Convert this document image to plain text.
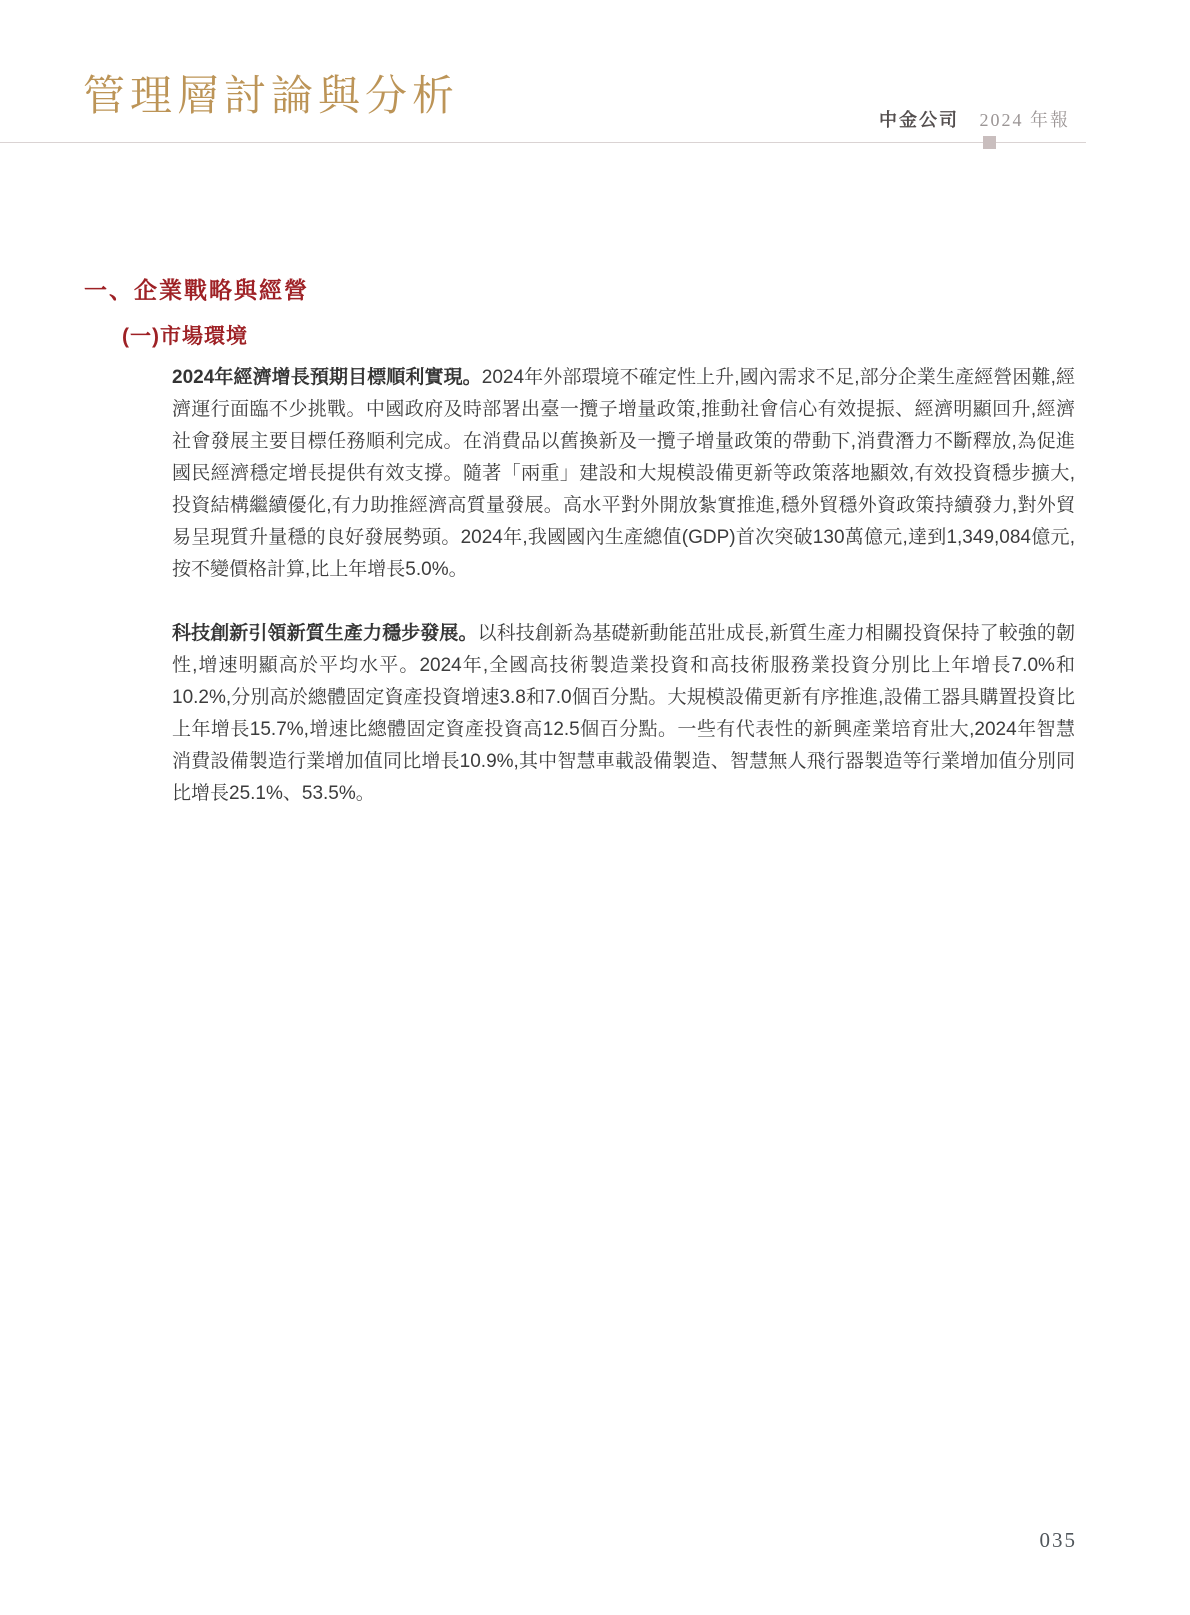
管理層討論與分析	中金公司 2024 年報
一、企業戰略與經營
(一)市場環境

2024年經濟增長預期目標順利實現。2024年外部環境不確定性上升,國內需求不足,部分企業生產經營困難,經濟運行面臨不少挑戰。中國政府及時部署出臺一攬子增量政策,推動社會信心有效提振、經濟明顯回升,經濟社會發展主要目標任務順利完成。在消費品以舊換新及一攬子增量政策的帶動下,消費潛力不斷釋放,為促進國民經濟穩定增長提供有效支撐。隨著「兩重」建設和大規模設備更新等政策落地顯效,有效投資穩步擴大,投資結構繼續優化,有力助推經濟高質量發展。高水平對外開放紮實推進,穩外貿穩外資政策持續發力,對外貿易呈現質升量穩的良好發展勢頭。2024年,我國國內生產總值(GDP)首次突破130萬億元,達到1,349,084億元,按不變價格計算,比上年增長5.0%。

科技創新引領新質生產力穩步發展。以科技創新為基礎新動能茁壯成長,新質生產力相關投資保持了較強的韌性,增速明顯高於平均水平。2024年,全國高技術製造業投資和高技術服務業投資分別比上年增長7.0%和10.2%,分別高於總體固定資產投資增速3.8和7.0個百分點。大規模設備更新有序推進,設備工器具購置投資比上年增長15.7%,增速比總體固定資產投資高12.5個百分點。一些有代表性的新興產業培育壯大,2024年智慧消費設備製造行業增加值同比增長10.9%,其中智慧車載設備製造、智慧無人飛行器製造等行業增加值分別同比增長25.1%、53.5%。

035
